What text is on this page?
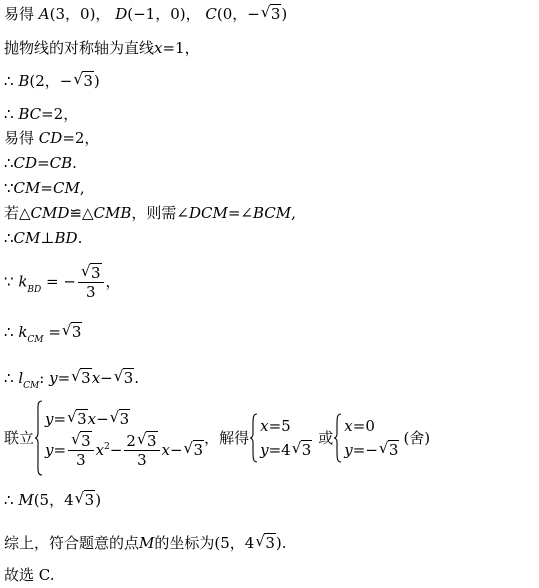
易得 A(3，0)， D(−1，0)， C(0，− √ 3)
抛物线的对称轴为直线x=1，
∴ B(2，− √ 3)
∴ BC=2，
易得 CD=2，
∴CD=CB.
∵CM=CM,
若△CMD≌△CMB，则需∠DCM=∠BCM,
∴CM⊥BD.
∵ $k_{BD}$ = − $\frac{√ 3}{3}$ ，
∴ $k_{CM}$ = √ 3
∴ $l_{CM}$: y= √ 3x− √ 3.
联立
y= √ 3x− √ 3
$y= \frac{√ 3}{3} x^2- \frac{2 √ 3}{3} x-$ √ 3
，解得
x=5
y=4 √ 3
或
x=0
y=− √ 3
(舍)
∴ M(5，4 √ 3)
综上，符合题意的点M的坐标为(5，4 √ 3).
故选 C.
